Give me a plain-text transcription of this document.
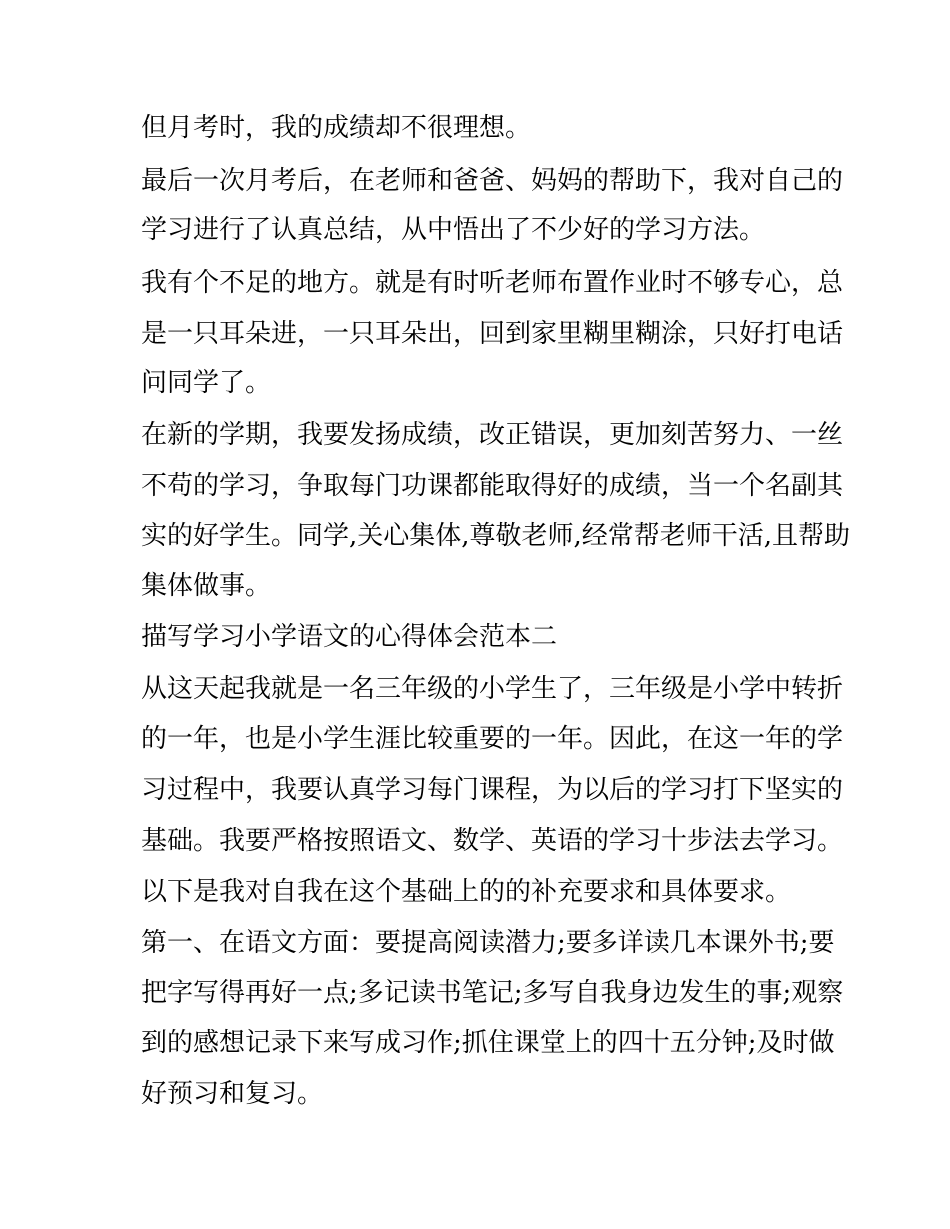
但月考时，我的成绩却不很理想。
最后一次月考后，在老师和爸爸、妈妈的帮助下，我对自己的
学习进行了认真总结，从中悟出了不少好的学习方法。
我有个不足的地方。就是有时听老师布置作业时不够专心，总
是一只耳朵进，一只耳朵出，回到家里糊里糊涂，只好打电话
问同学了。
在新的学期，我要发扬成绩，改正错误，更加刻苦努力、一丝
不苟的学习，争取每门功课都能取得好的成绩，当一个名副其
实的好学生。同学,关心集体,尊敬老师,经常帮老师干活,且帮助
集体做事。
描写学习小学语文的心得体会范本二
从这天起我就是一名三年级的小学生了，三年级是小学中转折
的一年，也是小学生涯比较重要的一年。因此，在这一年的学
习过程中，我要认真学习每门课程，为以后的学习打下坚实的
基础。我要严格按照语文、数学、英语的学习十步法去学习。
以下是我对自我在这个基础上的的补充要求和具体要求。
第一、在语文方面：要提高阅读潜力;要多详读几本课外书;要
把字写得再好一点;多记读书笔记;多写自我身边发生的事;观察
到的感想记录下来写成习作;抓住课堂上的四十五分钟;及时做
好预习和复习。
